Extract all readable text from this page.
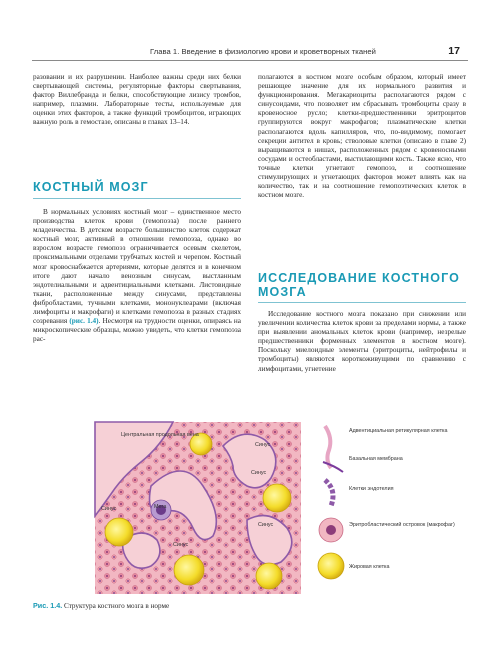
Глава 1. Введение в физиологию крови и кроветворных тканей	17

разовании и их разрушении. Наиболее важны среди них белки свертывающей системы, регуляторные факторы свертывания, фактор Виллебранда и белки, способствующие лизису тромбов, например, плазмин. Лабораторные тесты, используемые для оценки этих факторов, а также функций тромбоцитов, играющих важную роль в гемостазе, описаны в главах 13–14.

КОСТНЫЙ МОЗГ

В нормальных условиях костный мозг – единственное место производства клеток крови (гемопоэза) после раннего младенчества. В детском возрасте большинство клеток содержат костный мозг, активный в отношении гемопоэза, однако во взрослом возрасте гемопоэз ограничивается осевым скелетом, проксимальными отделами трубчатых костей и черепом. Костный мозг кровоснабжается артериями, которые делятся и в конечном итоге дают начало венозным синусам, выстланным эндотелиальными и адвентициальными клетками. Листовидные ткани, расположенные между синусами, представлены фибробластами, тучными клетками, мононуклеарами (включая лимфоциты и макрофаги) и клетками гемопоэза в разных стадиях созревания (рис. 1.4). Несмотря на трудности оценки, опираясь на микроскопические образцы, можно увидеть, что клетки гемопоэза рас-

полагаются в костном мозге особым образом, который имеет решающее значение для их нормального развития и функционирования. Мегакариоциты располагаются рядом с синусоидами, что позволяет им сбрасывать тромбоциты сразу в кровеносное русло; клетки-предшественники эритроцитов группируются вокруг макрофагов; плазматические клетки располагаются вдоль капилляров, что, по-видимому, помогает секреции антител в кровь; стволовые клетки (описано в главе 2) выращиваются в нишах, расположенных рядом с кровеносными сосудами и остеобластами, выстилающими кость. Также ясно, что точные клетки угнетают гемопоэз, и соотношение стимулирующих и угнетающих факторов может влиять как на количество, так и на соотношение гемопоэтических клеток в костном мозге.

ИССЛЕДОВАНИЕ КОСТНОГО
МОЗГА

Исследование костного мозга показано при снижении или увеличении количества клеток крови за пределами нормы, а также при выявлении аномальных клеток крови (например, незрелые предшественники форменных элементов в костном мозге). Поскольку миелоидные элементы (эритроциты, нейтрофилы и тромбоциты) являются короткоживущими по сравнению с лимфоцитами, угнетение

Центральная продольная вена
Синус
Синус
Синус
Синус
Синус
Мега
Адвентициальная ретикулярная клетка
Базальная мембрана
Клетки эндотелия
Эритробластический островок (макрофаг)
Жировая клетка
Рис. 1.4. Структура костного мозга в норме
